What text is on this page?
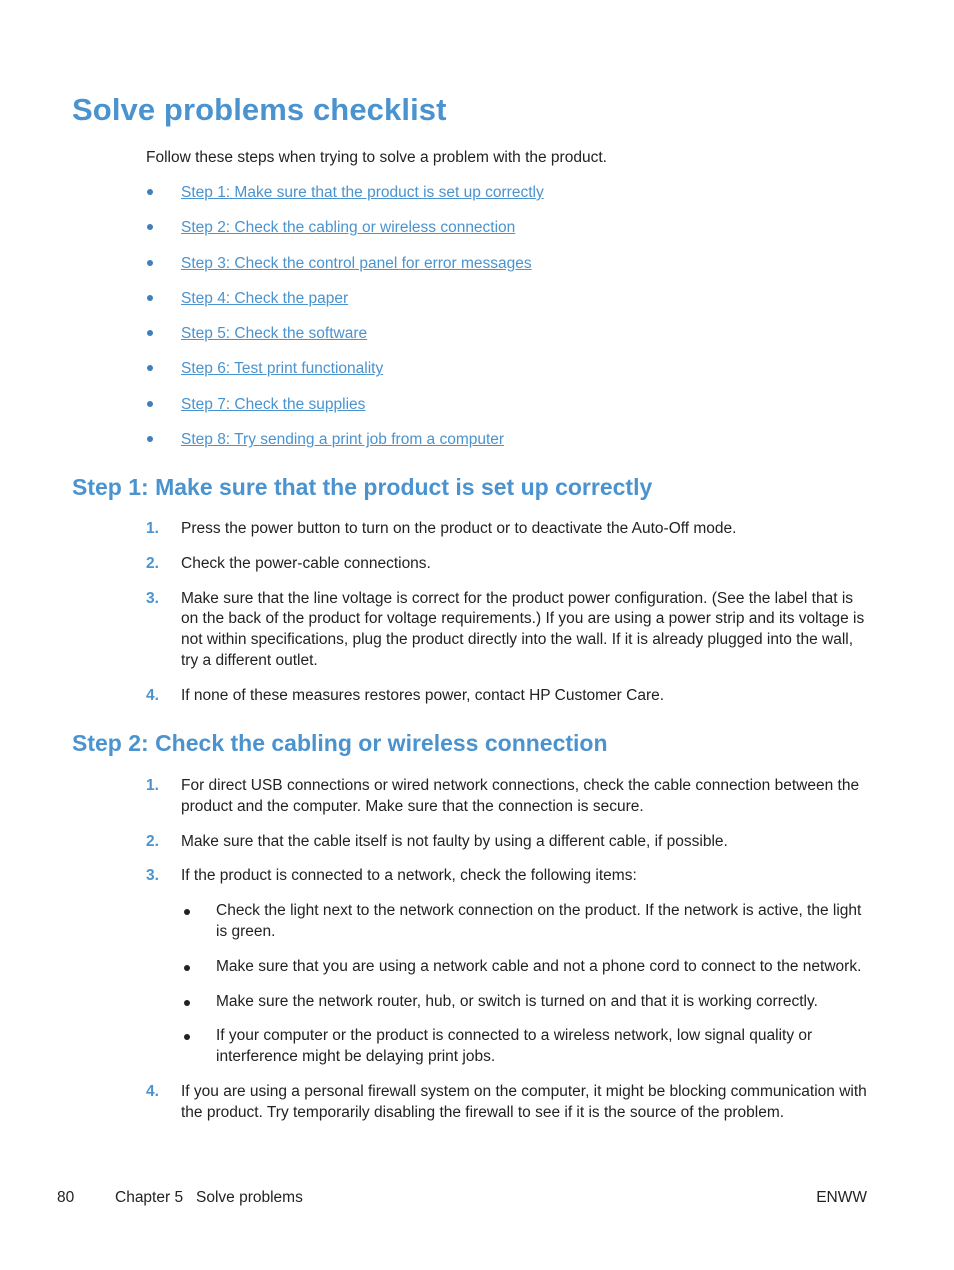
Solve problems checklist

Follow these steps when trying to solve a problem with the product.

Step 1: Make sure that the product is set up correctly
Step 2: Check the cabling or wireless connection
Step 3: Check the control panel for error messages
Step 4: Check the paper
Step 5: Check the software
Step 6: Test print functionality
Step 7: Check the supplies
Step 8: Try sending a print job from a computer
Step 1: Make sure that the product is set up correctly
1. Press the power button to turn on the product or to deactivate the Auto-Off mode.
2. Check the power-cable connections.
3. Make sure that the line voltage is correct for the product power configuration. (See the label that is on the back of the product for voltage requirements.) If you are using a power strip and its voltage is not within specifications, plug the product directly into the wall. If it is already plugged into the wall, try a different outlet.
4. If none of these measures restores power, contact HP Customer Care.
Step 2: Check the cabling or wireless connection
1. For direct USB connections or wired network connections, check the cable connection between the product and the computer. Make sure that the connection is secure.
2. Make sure that the cable itself is not faulty by using a different cable, if possible.
3. If the product is connected to a network, check the following items:
Check the light next to the network connection on the product. If the network is active, the light is green.
Make sure that you are using a network cable and not a phone cord to connect to the network.
Make sure the network router, hub, or switch is turned on and that it is working correctly.
If your computer or the product is connected to a wireless network, low signal quality or interference might be delaying print jobs.
4. If you are using a personal firewall system on the computer, it might be blocking communication with the product. Try temporarily disabling the firewall to see if it is the source of the problem.
80	Chapter 5   Solve problems	ENWW
